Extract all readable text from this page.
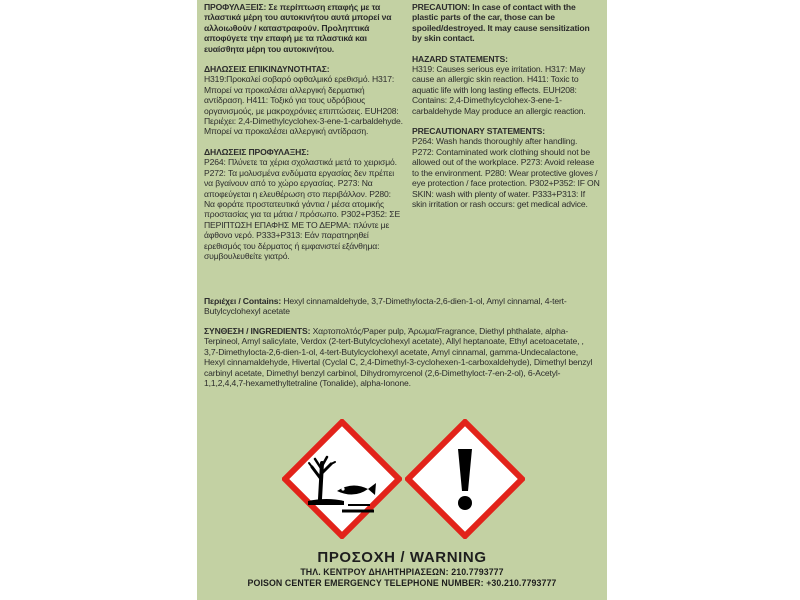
ΠΡΟΦΥΛΑΞΕΙΣ: Σε περίπτωση επαφής με τα πλαστικά μέρη του αυτοκινήτου αυτά μπορεί να αλλοιωθούν / καταστραφούν. Προληπτικά αποφύγετε την επαφή με τα πλαστικά και ευαίσθητα μέρη του αυτοκινήτου.

ΔΗΛΩΣΕΙΣ ΕΠΙΚΙΝΔΥΝΟΤΗΤΑΣ:

H319:Προκαλεί σοβαρό οφθαλμικό ερεθισμό. H317: Μπορεί να προκαλέσει αλλεργική δερματική αντίδραση. H411: Τοξικό για τους υδρόβιους οργανισμούς, με μακροχρόνιες επιπτώσεις. EUH208: Περιέχει: 2,4-Dimethylcyclohex-3-ene-1-carbaldehyde. Μπορεί να προκαλέσει αλλεργική αντίδραση.

ΔΗΛΩΣΕΙΣ ΠΡΟΦΥΛΑΞΗΣ:

P264: Πλύνετε τα χέρια σχολαστικά μετά το χειρισμό. P272: Τα μολυσμένα ενδύματα εργασίας δεν πρέπει να βγαίνουν από το χώρο εργασίας. P273: Να αποφεύγεται η ελευθέρωση στο περιβάλλον. P280: Να φοράτε προστατευτικά γάντια / μέσα ατομικής προστασίας για τα μάτια / πρόσωπο. P302+P352: ΣΕ ΠΕΡΙΠΤΩΣΗ ΕΠΑΦΗΣ ΜΕ ΤΟ ΔΕΡΜΑ: πλύντε με άφθονο νερό. P333+P313: Εάν παρατηρηθεί ερεθισμός του δέρματος ή εμφανιστεί εξάνθημα: συμβουλευθείτε γιατρό.

PRECAUTION: In case of contact with the plastic parts of the car, those can be spoiled/destroyed. It may cause sensitization by skin contact.

HAZARD STATEMENTS:

H319: Causes serious eye irritation. H317: May cause an allergic skin reaction. H411: Toxic to aquatic life with long lasting effects. EUH208: Contains: 2,4-Dimethylcyclohex-3-ene-1-carbaldehyde May produce an allergic reaction.

PRECAUTIONARY STATEMENTS:

P264: Wash hands thoroughly after handling. P272: Contaminated work clothing should not be allowed out of the workplace. P273: Avoid release to the environment. P280: Wear protective gloves / eye protection / face protection. P302+P352: IF ON SKIN: wash with plenty of water. P333+P313: If skin irritation or rash occurs: get medical advice.

Περιέχει / Contains: Hexyl cinnamaldehyde, 3,7-Dimethylocta-2,6-dien-1-ol, Amyl cinnamal, 4-tert-Butylcyclohexyl acetate

ΣΥΝΘΕΣΗ / INGREDIENTS: Χαρτοπολτός/Paper pulp, Άρωμα/Fragrance, Diethyl phthalate, alpha-Terpineol, Amyl salicylate, Verdox (2-tert-Butylcyclohexyl acetate), Allyl heptanoate, Ethyl acetoacetate, , 3,7-Dimethylocta-2,6-dien-1-ol, 4-tert-Butylcyclohexyl acetate, Amyl cinnamal, gamma-Undecalactone, Hexyl cinnamaldehyde, Hivertal (Cyclal C, 2,4-Dimethyl-3-cyclohexen-1-carboxaldehyde), Dimethyl benzyl carbinyl acetate, Dimethyl benzyl carbinol, Dihydromyrcenol (2,6-Dimethyloct-7-en-2-ol), 6-Acetyl-1,1,2,4,4,7-hexamethyltetraline (Tonalide), alpha-Ionone.

ΠΡΟΣΟΧΗ / WARNING
ΤΗΛ. ΚΕΝΤΡΟΥ ΔΗΛΗΤΗΡΙΑΣΕΩΝ: 210.7793777
POISON CENTER EMERGENCY TELEPHONE NUMBER: +30.210.7793777
